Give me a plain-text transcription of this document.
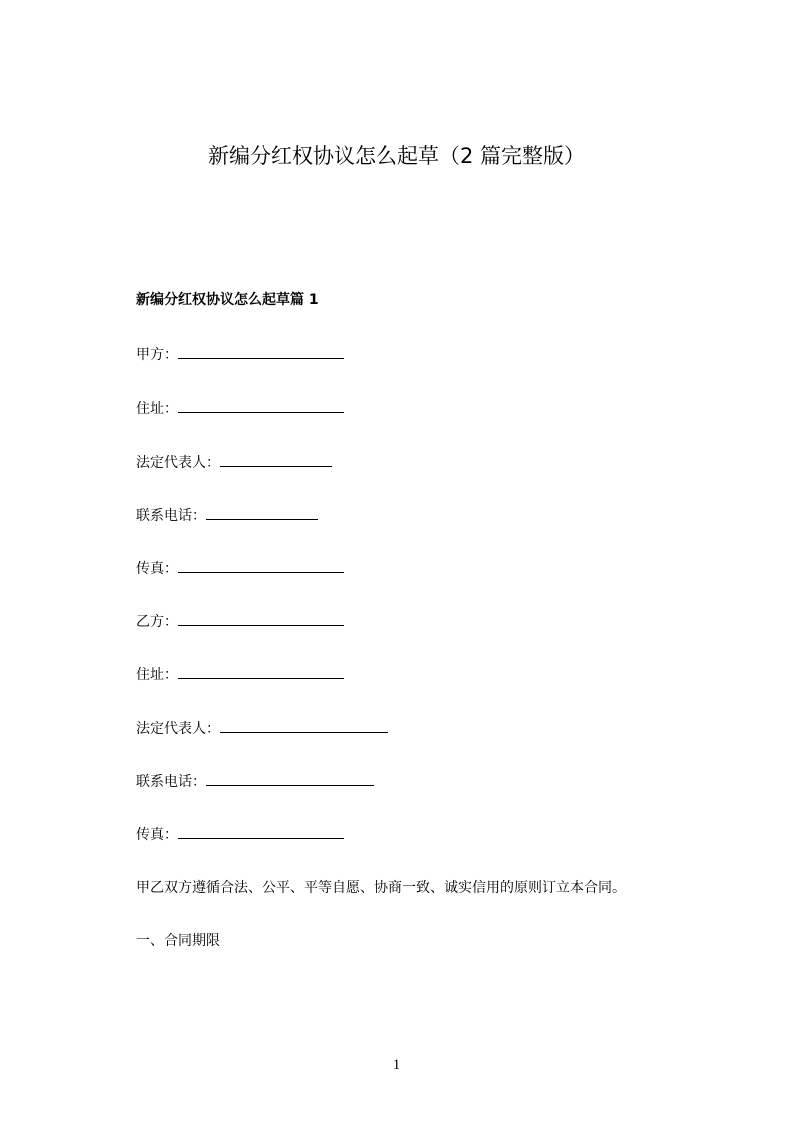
新编分红权协议怎么起草（2 篇完整版）
新编分红权协议怎么起草篇 1
甲方：
住址：
法定代表人：
联系电话：
传真：
乙方：
住址：
法定代表人：
联系电话：
传真：
甲乙双方遵循合法、公平、平等自愿、协商一致、诚实信用的原则订立本合同。
一、合同期限
1
